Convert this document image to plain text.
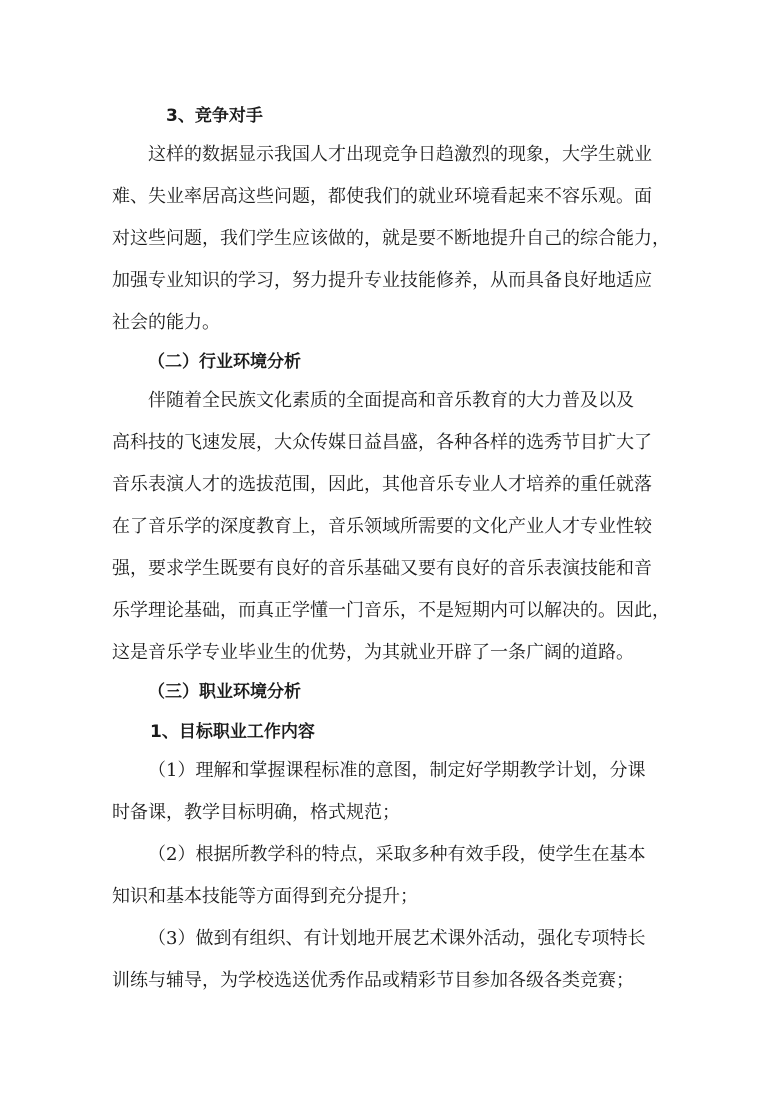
3、竞争对手
这样的数据显示我国人才出现竞争日趋激烈的现象，大学生就业
难、失业率居高这些问题，都使我们的就业环境看起来不容乐观。面
对这些问题，我们学生应该做的，就是要不断地提升自己的综合能力，
加强专业知识的学习，努力提升专业技能修养，从而具备良好地适应
社会的能力。
（二）行业环境分析
伴随着全民族文化素质的全面提高和音乐教育的大力普及以及
高科技的飞速发展，大众传媒日益昌盛，各种各样的选秀节目扩大了
音乐表演人才的选拔范围，因此，其他音乐专业人才培养的重任就落
在了音乐学的深度教育上，音乐领域所需要的文化产业人才专业性较
强，要求学生既要有良好的音乐基础又要有良好的音乐表演技能和音
乐学理论基础，而真正学懂一门音乐，不是短期内可以解决的。因此，
这是音乐学专业毕业生的优势，为其就业开辟了一条广阔的道路。
（三）职业环境分析
1、目标职业工作内容
（1）理解和掌握课程标准的意图，制定好学期教学计划，分课
时备课，教学目标明确，格式规范；
（2）根据所教学科的特点，采取多种有效手段，使学生在基本
知识和基本技能等方面得到充分提升；
（3）做到有组织、有计划地开展艺术课外活动，强化专项特长
训练与辅导，为学校选送优秀作品或精彩节目参加各级各类竞赛；
